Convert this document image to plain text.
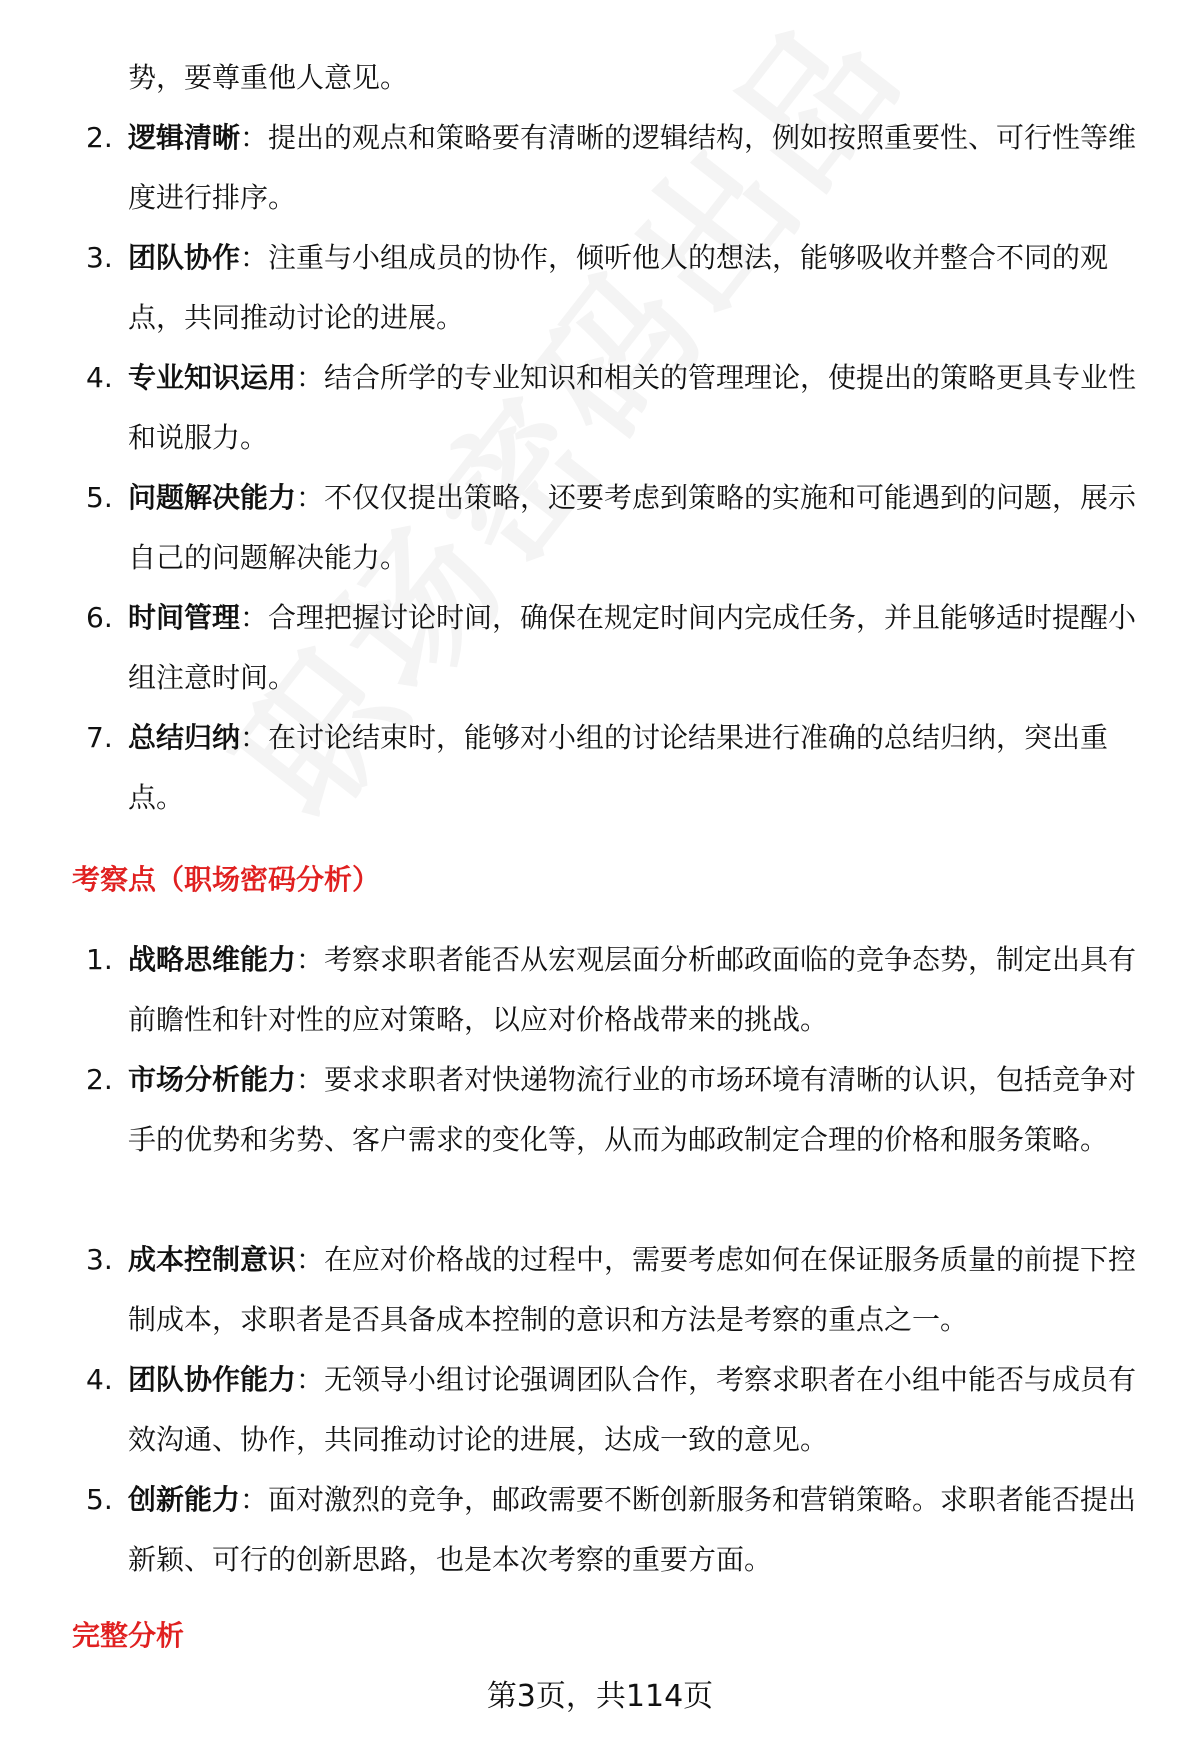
势，要尊重他人意见。
2. 逻辑清晰：提出的观点和策略要有清晰的逻辑结构，例如按照重要性、可行性等维度进行排序。
3. 团队协作：注重与小组成员的协作，倾听他人的想法，能够吸收并整合不同的观点，共同推动讨论的进展。
4. 专业知识运用：结合所学的专业知识和相关的管理理论，使提出的策略更具专业性和说服力。
5. 问题解决能力：不仅仅提出策略，还要考虑到策略的实施和可能遇到的问题，展示自己的问题解决能力。
6. 时间管理：合理把握讨论时间，确保在规定时间内完成任务，并且能够适时提醒小组注意时间。
7. 总结归纳：在讨论结束时，能够对小组的讨论结果进行准确的总结归纳，突出重点。
考察点（职场密码分析）
1. 战略思维能力：考察求职者能否从宏观层面分析邮政面临的竞争态势，制定出具有前瞻性和针对性的应对策略，以应对价格战带来的挑战。
2. 市场分析能力：要求求职者对快递物流行业的市场环境有清晰的认识，包括竞争对手的优势和劣势、客户需求的变化等，从而为邮政制定合理的价格和服务策略。
3. 成本控制意识：在应对价格战的过程中，需要考虑如何在保证服务质量的前提下控制成本，求职者是否具备成本控制的意识和方法是考察的重点之一。
4. 团队协作能力：无领导小组讨论强调团队合作，考察求职者在小组中能否与成员有效沟通、协作，共同推动讨论的进展，达成一致的意见。
5. 创新能力：面对激烈的竞争，邮政需要不断创新服务和营销策略。求职者能否提出新颖、可行的创新思路，也是本次考察的重要方面。
完整分析
第3页，共114页
